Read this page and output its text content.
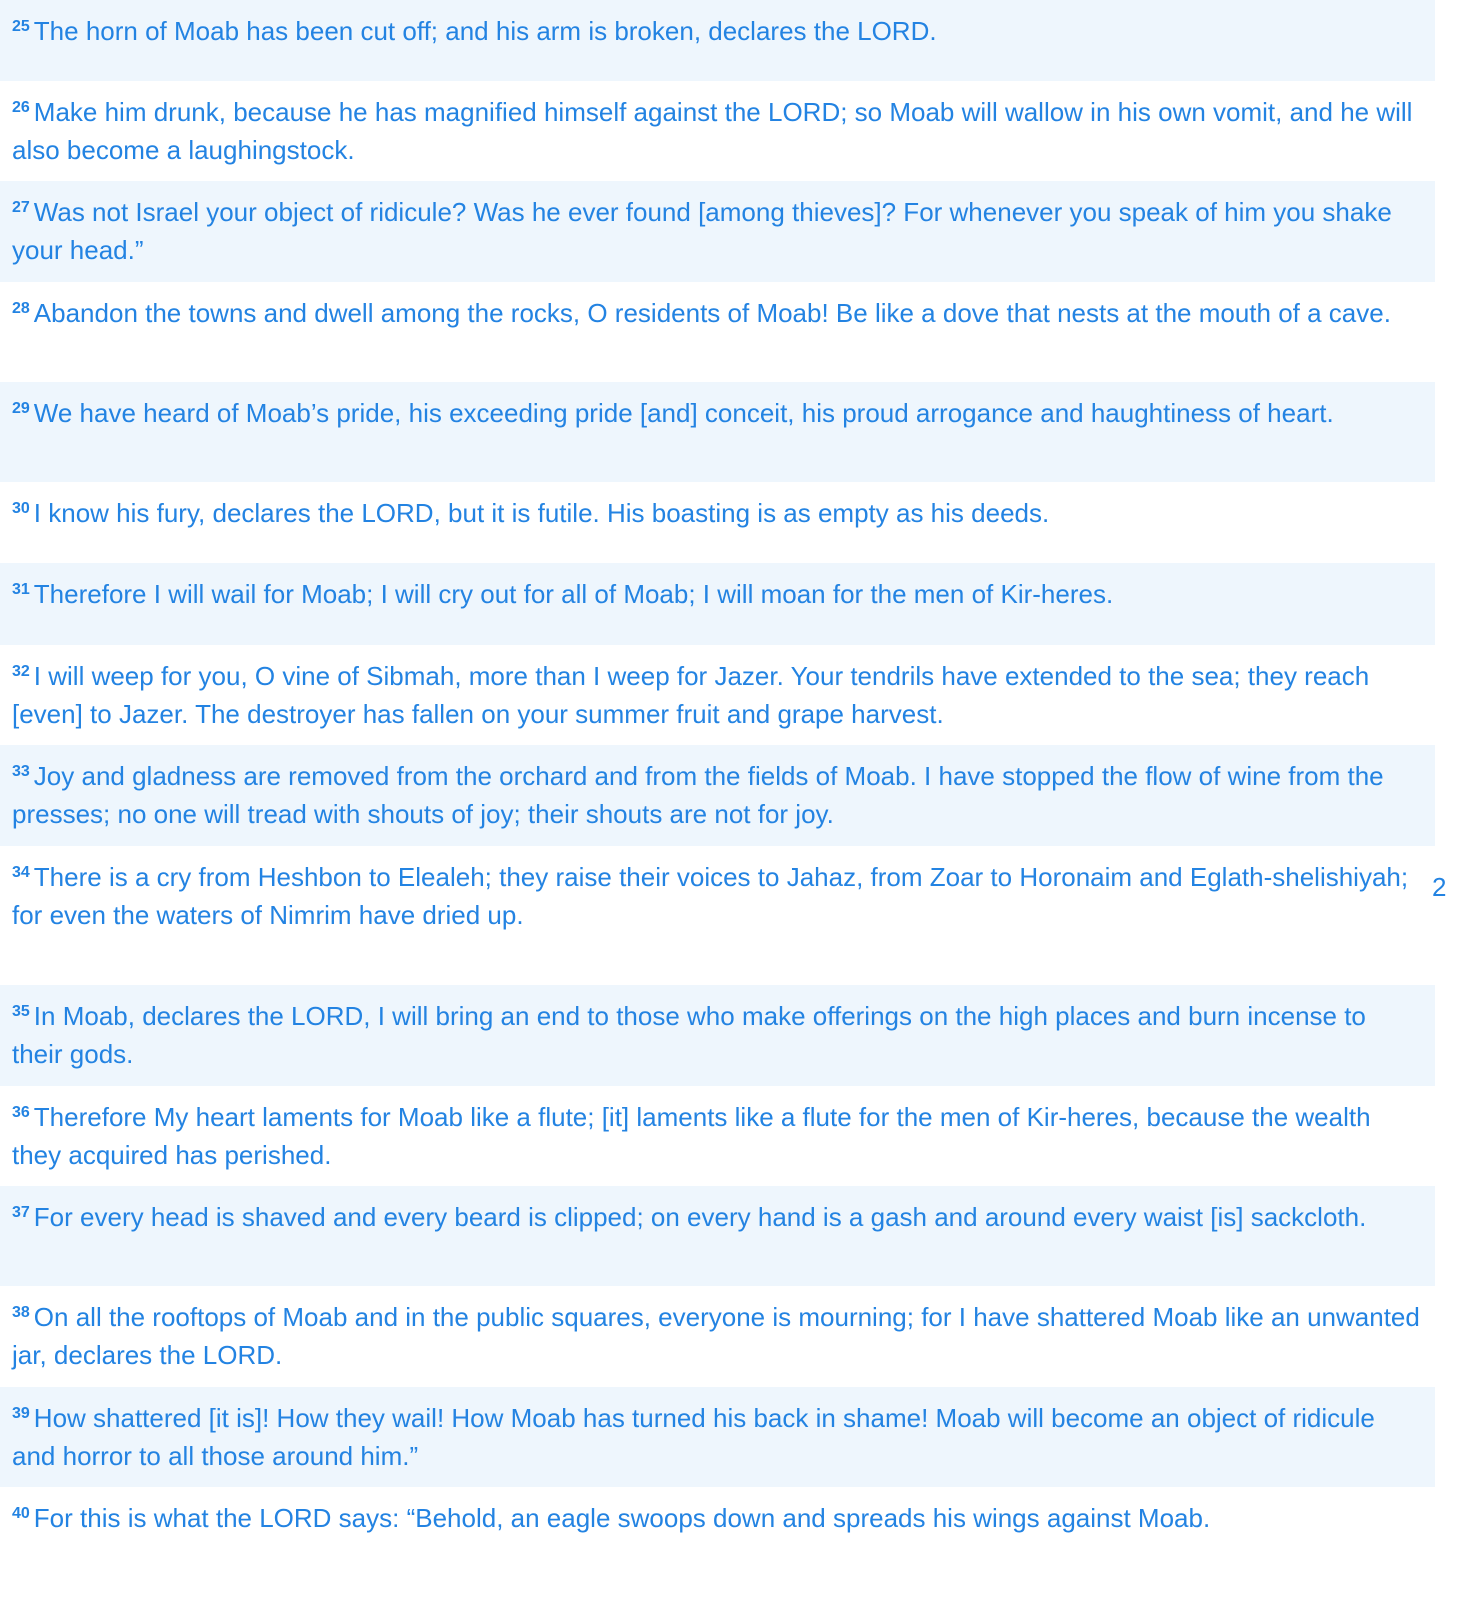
$^{25}$ The horn of Moab has been cut off; and his arm is broken, declares the LORD.
$^{26}$ Make him drunk, because he has magnified himself against the LORD; so Moab will wallow in his own vomit, and he will also become a laughingstock.
$^{27}$ Was not Israel your object of ridicule? Was he ever found [among thieves]? For whenever you speak of him you shake your head.”
$^{28}$ Abandon the towns and dwell among the rocks, O residents of Moab! Be like a dove that nests at the mouth of a cave.
$^{29}$ We have heard of Moab’s pride, his exceeding pride [and] conceit, his proud arrogance and haughtiness of heart.
$^{30}$ I know his fury, declares the LORD, but it is futile. His boasting is as empty as his deeds.
$^{31}$ Therefore I will wail for Moab; I will cry out for all of Moab; I will moan for the men of Kir-heres.
$^{32}$ I will weep for you, O vine of Sibmah, more than I weep for Jazer. Your tendrils have extended to the sea; they reach [even] to Jazer. The destroyer has fallen on your summer fruit and grape harvest.
$^{33}$ Joy and gladness are removed from the orchard and from the fields of Moab. I have stopped the flow of wine from the presses; no one will tread with shouts of joy; their shouts are not for joy.
$^{34}$ There is a cry from Heshbon to Elealeh; they raise their voices to Jahaz, from Zoar to Horonaim and Eglath-shelishiyah; for even the waters of Nimrim have dried up.
$^{35}$ In Moab, declares the LORD, I will bring an end to those who make offerings on the high places and burn incense to their gods.
$^{36}$ Therefore My heart laments for Moab like a flute; [it] laments like a flute for the men of Kir-heres, because the wealth they acquired has perished.
$^{37}$ For every head is shaved and every beard is clipped; on every hand is a gash and around every waist [is] sackcloth.
$^{38}$ On all the rooftops of Moab and in the public squares, everyone is mourning; for I have shattered Moab like an unwanted jar, declares the LORD.
$^{39}$ How shattered [it is]! How they wail! How Moab has turned his back in shame! Moab will become an object of ridicule and horror to all those around him.”
$^{40}$ For this is what the LORD says: “Behold, an eagle swoops down and spreads his wings against Moab.
2
